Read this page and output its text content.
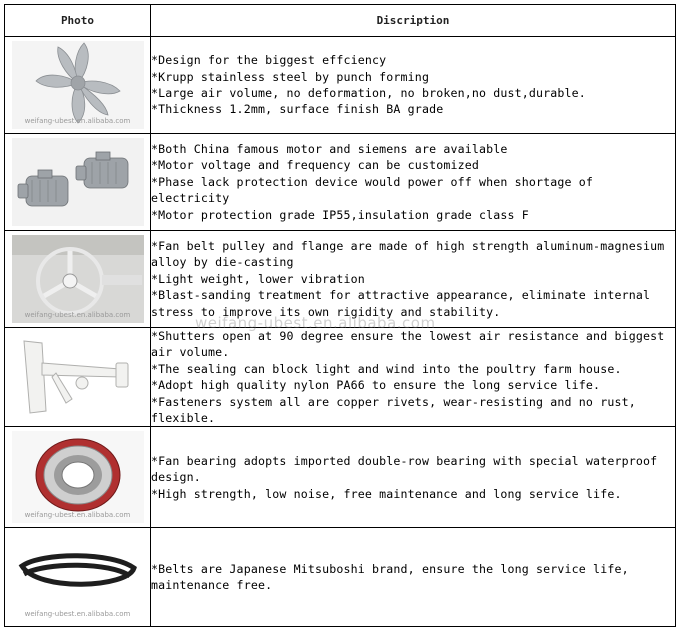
Photo	Discription

weifang-ubest.en.alibaba.com	*Design for the biggest effciency
*Krupp stainless steel by punch forming
*Large air volume, no deformation, no broken,no dust,durable.
*Thickness 1.2mm, surface finish BA grade

*Both China famous motor and siemens are available
*Motor voltage and frequency can be customized
*Phase lack protection device would power off when shortage of electricity
*Motor protection grade IP55,insulation grade class F

weifang-ubest.en.alibaba.com	*Fan belt pulley and flange are made of high strength aluminum-magnesium alloy by die-casting
*Light weight, lower vibration
*Blast-sanding treatment for attractive appearance, eliminate internal stress to improve its own rigidity and stability.

*Shutters open at 90 degree ensure the lowest air resistance and biggest air volume.
*The sealing can block light and wind into the poultry farm house.
*Adopt high quality nylon PA66 to ensure the long service life.
*Fasteners system all are copper rivets, wear-resisting and no rust, flexible.

weifang-ubest.en.alibaba.com	*Fan bearing adopts imported double-row bearing with special waterproof design.
*High strength, low noise, free maintenance and long service life.

weifang-ubest.en.alibaba.com	*Belts are Japanese Mitsuboshi brand, ensure the long service life, maintenance free.
weifang-ubest.en.alibaba.com
